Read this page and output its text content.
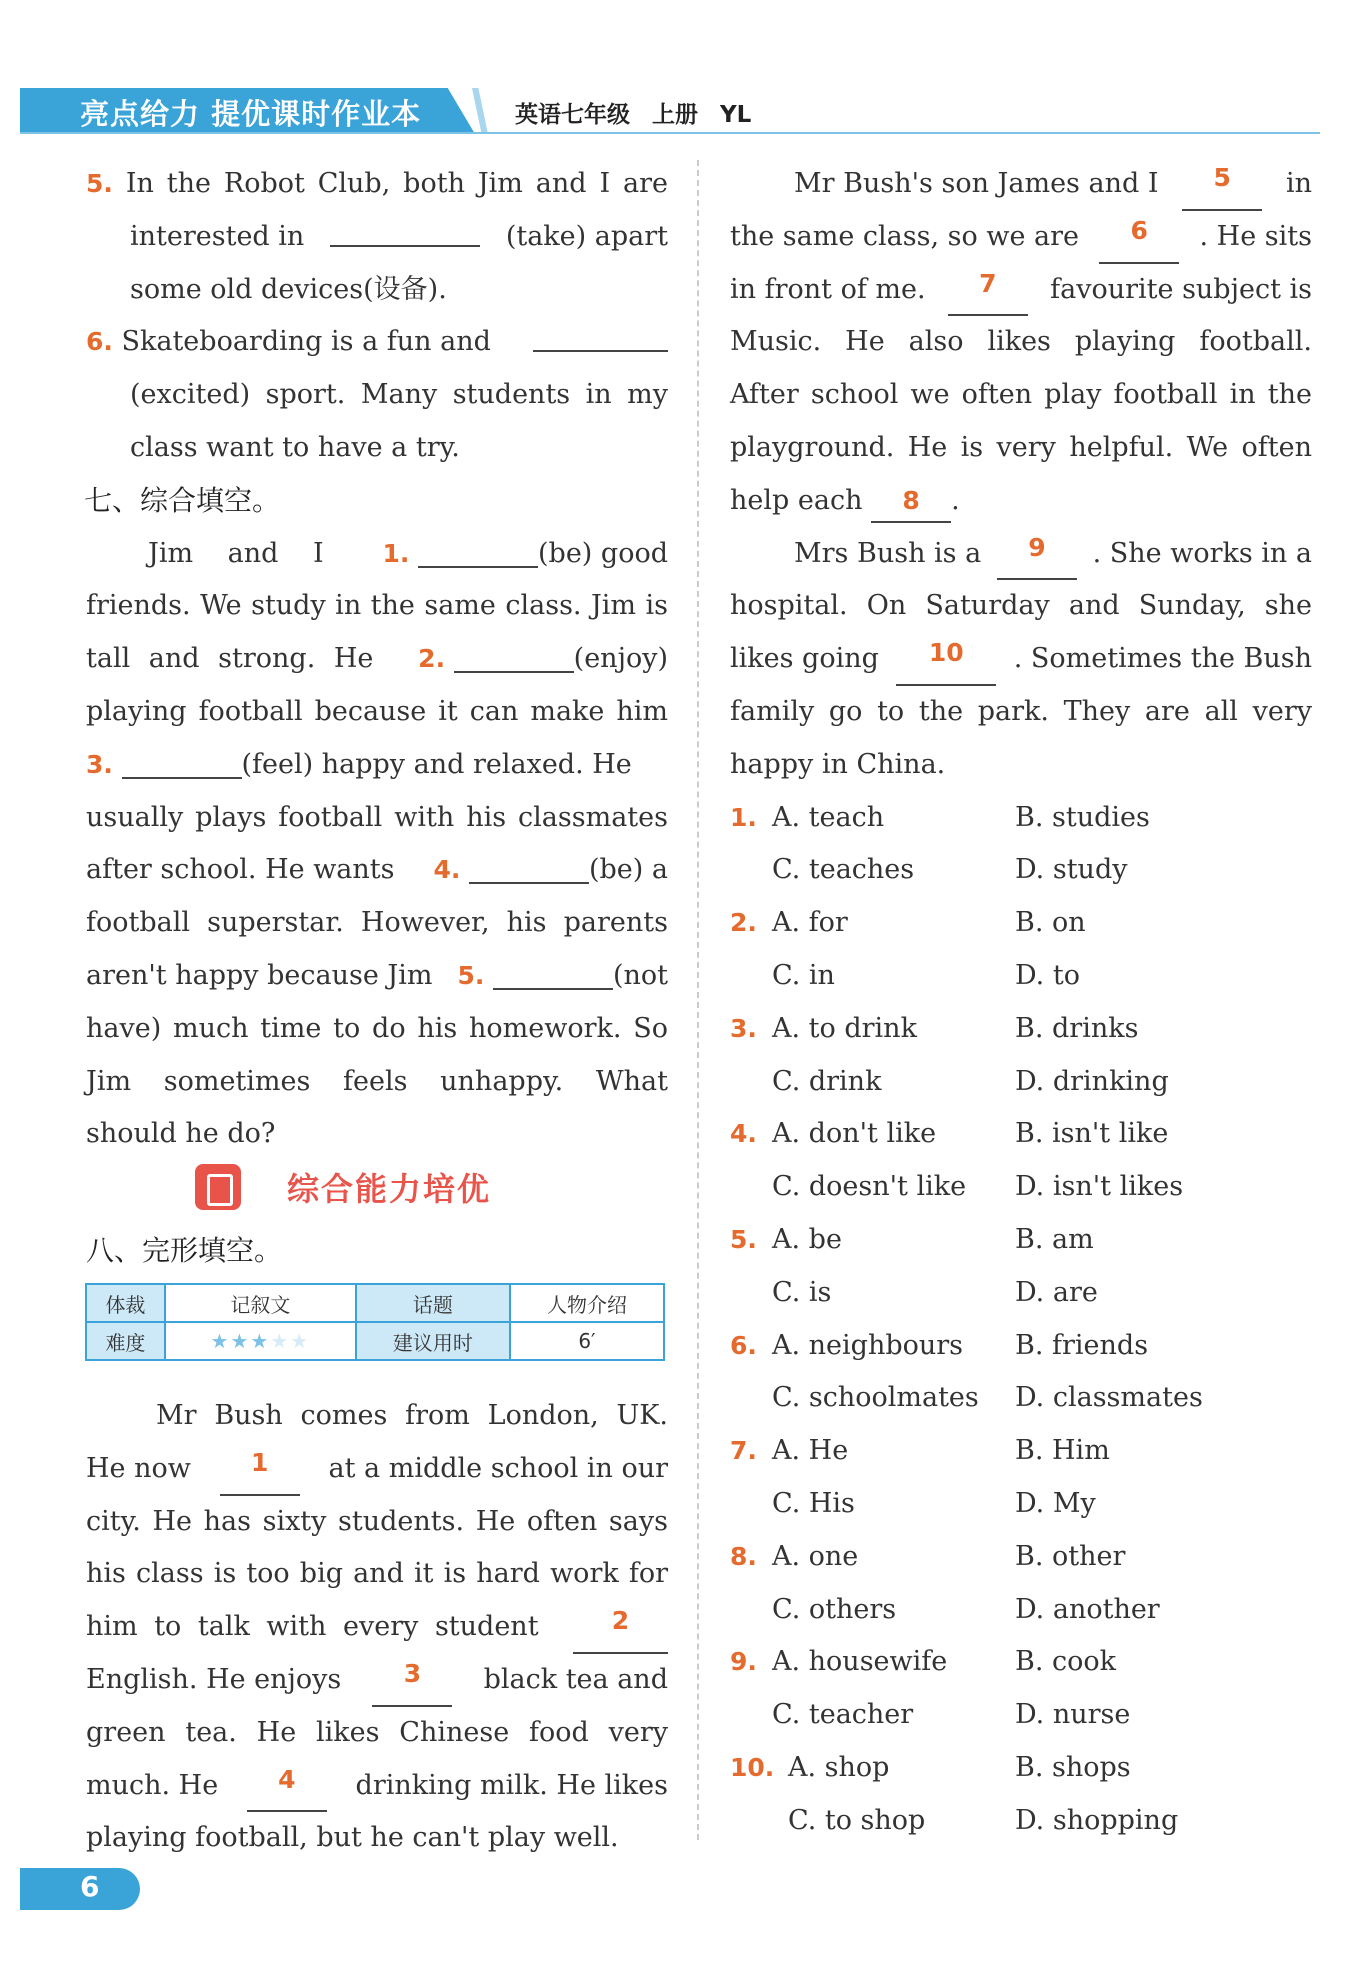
亮点给力 提优课时作业本	英语七年级 上册 YL
5. In the Robot Club, both Jim and I are
interested in	(take) apart
some old devices(设备).
6. Skateboarding is a fun and
(excited) sport. Many students in my
class want to have a try.
七、综合填空。
Jim and I 1.	(be) good
friends. We study in the same class. Jim is
tall and strong. He 2.	(enjoy)
playing football because it can make him
3.	(feel) happy and relaxed. He
usually plays football with his classmates
after school. He wants 4.	(be) a
football superstar. However, his parents
aren't happy because Jim 5.	(not
have) much time to do his homework. So
Jim sometimes feels unhappy. What
should he do?
综合能力培优
八、完形填空。
体裁	记叙文	话题	人物介绍
难度	★★★★★	建议用时	6′
Mr Bush comes from London, UK.
He now	1	at a middle school in our
city. He has sixty students. He often says
his class is too big and it is hard work for
him to talk with every student	2
English. He enjoys	3	black tea and
green tea. He likes Chinese food very
much. He	4	drinking milk. He likes
playing football, but he can't play well.
Mr Bush's son James and I	5	in
the same class, so we are	6	. He sits
in front of me.	7	favourite subject is
Music. He also likes playing football.
After school we often play football in the
playground. He is very helpful. We often
help each 8 .
Mrs Bush is a	9	. She works in a
hospital. On Saturday and Sunday, she
likes going	10	. Sometimes the Bush
family go to the park. They are all very
happy in China.
1. A. teach	B. studies
C. teaches	D. study
2. A. for	B. on
C. in	D. to
3. A. to drink	B. drinks
C. drink	D. drinking
4. A. don't like	B. isn't like
C. doesn't like D. isn't likes
5. A. be	B. am
C. is	D. are
6. A. neighbours B. friends
C. schoolmates D. classmates
7. A. He	B. Him
C. His	D. My
8. A. one	B. other
C. others	D. another
9. A. housewife	B. cook
C. teacher	D. nurse
10. A. shop	B. shops
C. to shop	D. shopping
6
